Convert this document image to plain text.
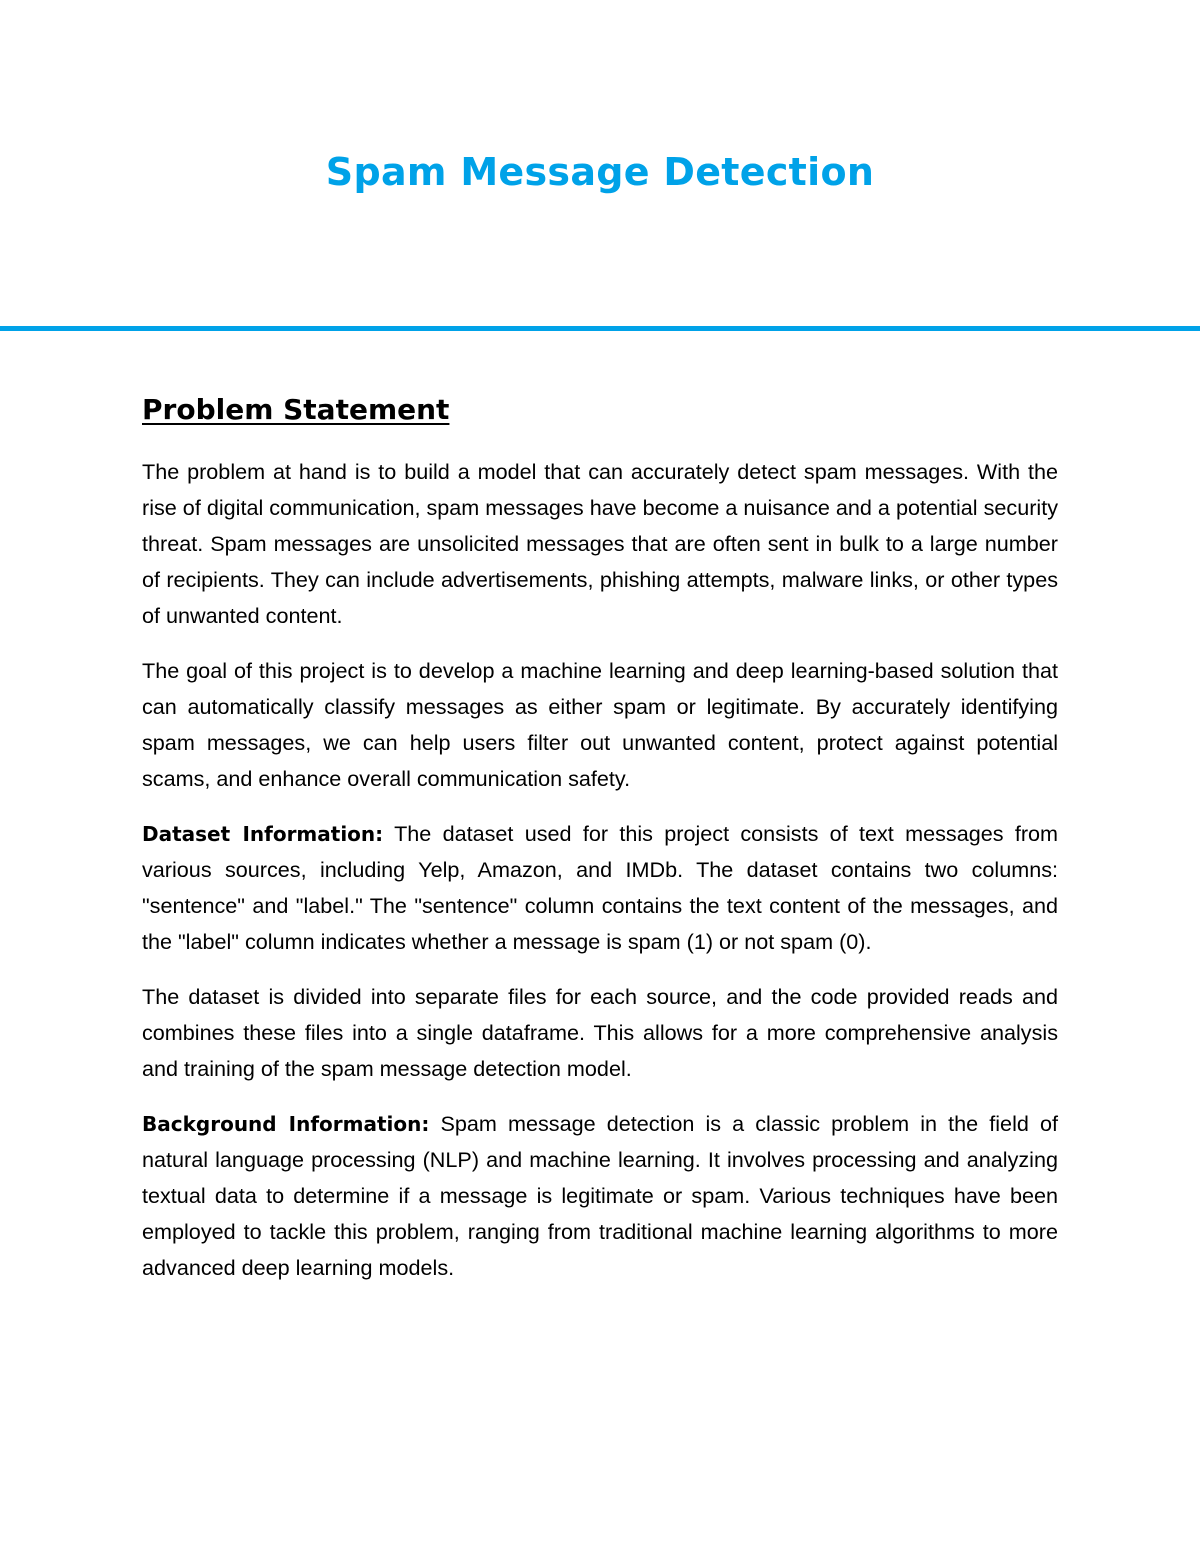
Spam Message Detection
Problem Statement

The problem at hand is to build a model that can accurately detect spam messages. With the rise of digital communication, spam messages have become a nuisance and a potential security threat. Spam messages are unsolicited messages that are often sent in bulk to a large number of recipients. They can include advertisements, phishing attempts, malware links, or other types of unwanted content.

The goal of this project is to develop a machine learning and deep learning-based solution that can automatically classify messages as either spam or legitimate. By accurately identifying spam messages, we can help users filter out unwanted content, protect against potential scams, and enhance overall communication safety.

Dataset Information: The dataset used for this project consists of text messages from various sources, including Yelp, Amazon, and IMDb. The dataset contains two columns: "sentence" and "label." The "sentence" column contains the text content of the messages, and the "label" column indicates whether a message is spam (1) or not spam (0).

The dataset is divided into separate files for each source, and the code provided reads and combines these files into a single dataframe. This allows for a more comprehensive analysis and training of the spam message detection model.

Background Information: Spam message detection is a classic problem in the field of natural language processing (NLP) and machine learning. It involves processing and analyzing textual data to determine if a message is legitimate or spam. Various techniques have been employed to tackle this problem, ranging from traditional machine learning algorithms to more advanced deep learning models.
